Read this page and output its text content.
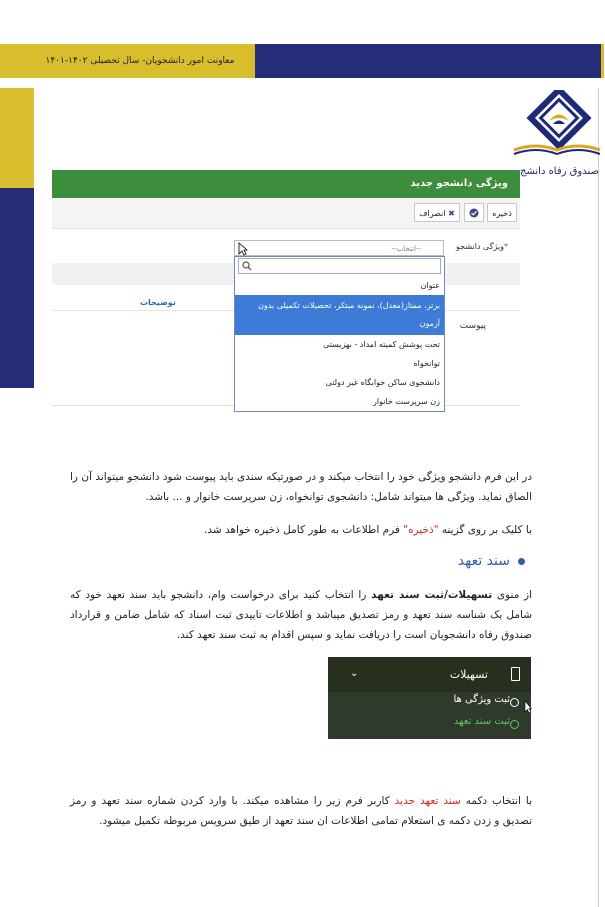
معاونت امور دانشجویان- سال تحصیلی ۱۴۰۲-۱۴۰۱
صندوق رفاه دانشج
ویژگی دانشجو جدید
ذخیره
✖ انصراف
*ویژگی دانشجو
توضیحات
پیوست
--انتخاب--
عنوان
برتر، ممتاز(معدل)، نمونه مبتکر، تحصیلات تکمیلی بدون
آزمون
تحت پوشش کمیته امداد - بهزیستی
توانخواه
دانشجوی ساکن خوابگاه غیر دولتی
زن سرپرست خانوار
در این فرم دانشجو ویژگی خود را انتخاب میکند و در صورتیکه سندی باید پیوست شود دانشجو میتواند آن را الصاق نماید. ویژگی ها میتواند شامل: دانشجوی توانخواه، زن سرپرست خانوار و ... باشد.
با کلیک بر روی گزینه "ذخیره" فرم اطلاعات به طور کامل ذخیره خواهد شد.
سند تعهد
از منوی تسهیلات/ثبت سند تعهد را انتخاب کنید برای درخواست وام، دانشجو باید سند تعهد خود که شامل یک شناسه سند تعهد و رمز تصدیق میباشد و اطلاعات تاییدی ثبت اسناد که شامل ضامن و قرارداد صندوق رفاه دانشجویان است را دریافت نماید و سپس اقدام به ثبت سند تعهد کند.
تسهیلات
⌄
ثبت ویژگی ها
ثبت سند تعهد
با انتخاب دکمه سند تعهد جدید کاربر فرم زیر را مشاهده میکند. با وارد کردن شماره سند تعهد و رمز تصدیق و زدن دکمه ی استعلام تمامی اطلاعات ان سند تعهد از طیق سرویس مربوطه تکمیل میشود.
